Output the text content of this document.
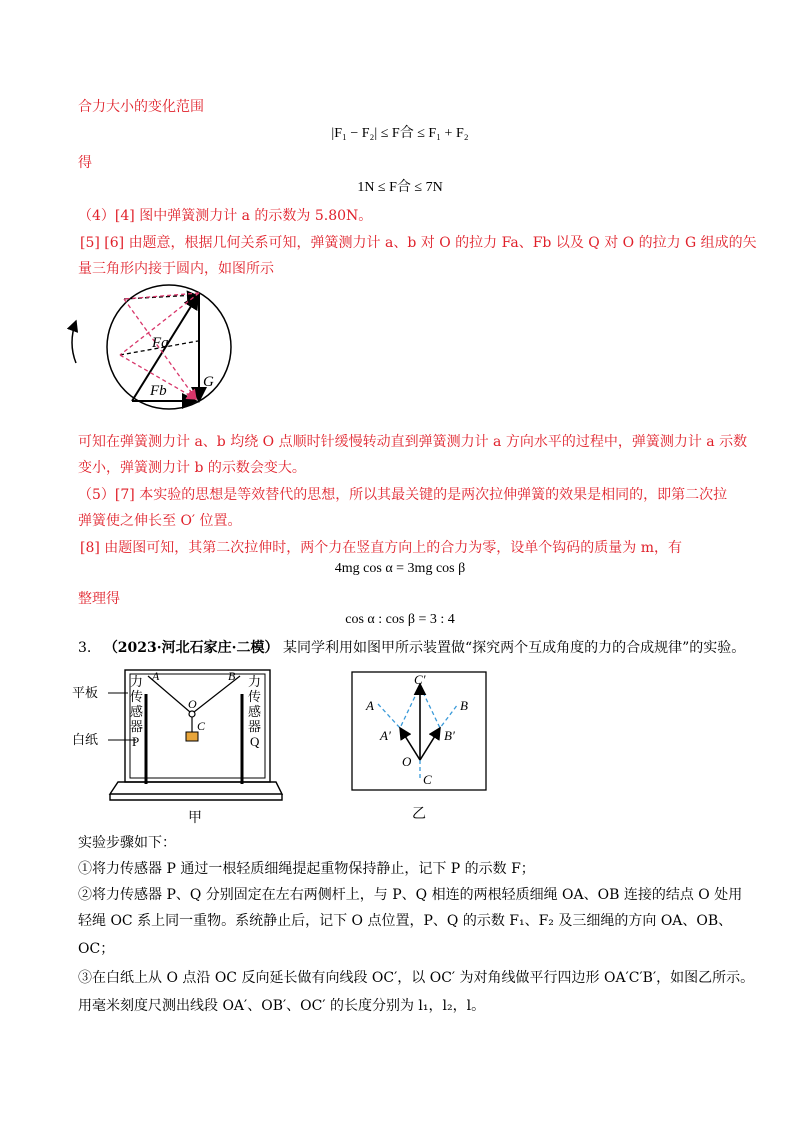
合力大小的变化范围
|F₁ − F₂| ≤ F合 ≤ F₁ + F₂
得
1N ≤ F合 ≤ 7N
（4）[4] 图中弹簧测力计 a 的示数为 5.80N。
[5] [6] 由题意，根据几何关系可知，弹簧测力计 a、b 对 O 的拉力 Fa、Fb 以及 Q 对 O 的拉力 G 组成的矢
量三角形内接于圆内，如图所示
Fa
Fb
G
可知在弹簧测力计 a、b 均绕 O 点顺时针缓慢转动直到弹簧测力计 a 方向水平的过程中，弹簧测力计 a 示数
变小，弹簧测力计 b 的示数会变大。
（5）[7] 本实验的思想是等效替代的思想，所以其最关键的是两次拉伸弹簧的效果是相同的，即第二次拉
弹簧使之伸长至 O′ 位置。
[8] 由题图可知，其第二次拉伸时，两个力在竖直方向上的合力为零，设单个钩码的质量为 m，有
4mg cos α = 3mg cos β
整理得
cos α : cos β = 3 : 4
3. （2023·河北石家庄·二模） 某同学利用如图甲所示装置做“探究两个互成角度的力的合成规律”的实验。
力传感器 P
力传感器 Q
A	B
O
C
平板
白纸
甲
C′
A	B
A′	B′
O
C
乙
实验步骤如下：
①将力传感器 P 通过一根轻质细绳提起重物保持静止，记下 P 的示数 F；
②将力传感器 P、Q 分别固定在左右两侧杆上，与 P、Q 相连的两根轻质细绳 OA、OB 连接的结点 O 处用
轻绳 OC 系上同一重物。系统静止后，记下 O 点位置，P、Q 的示数 F₁、F₂ 及三细绳的方向 OA、OB、
OC；
③在白纸上从 O 点沿 OC 反向延长做有向线段 OC′，以 OC′ 为对角线做平行四边形 OA′C′B′，如图乙所示。
用毫米刻度尺测出线段 OA′、OB′、OC′ 的长度分别为 l₁，l₂，l。
